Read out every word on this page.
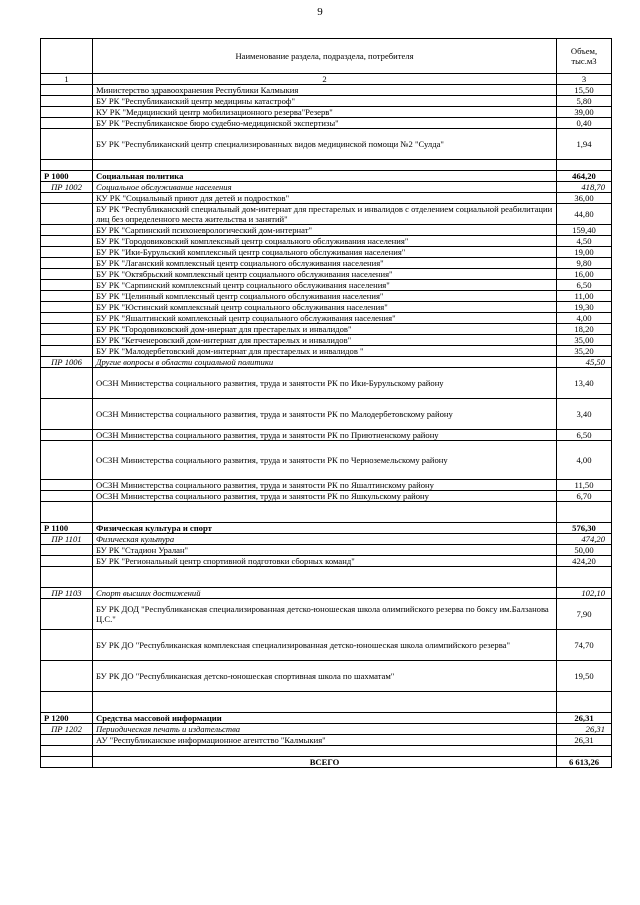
9
	Наименование раздела, подраздела, потребителя	Объем, тыс.м3
1	2	3
	Министерство здравоохранения Республики Калмыкия	15,50
	БУ РК "Республиканский центр медицины катастроф"	5,80
	КУ РК "Медицинский центр мобилизационного резерва"Резерв"	39,00
	БУ РК "Республиканское бюро судебно-медицинской экспертизы"	0,40
	БУ РК "Республиканский центр специализированных видов медицинской помощи №2 "Сулда"	1,94

Р 1000	Социальная политика	464,20
ПР 1002	Социальное обслуживание населения	418,70
	КУ РК "Социальный приют для детей и подростков"	36,00
	БУ РК "Республиканский специальный дом-интернат для престарелых и инвалидов с отделением социальной реабилитации лиц без определенного места жительства и занятий"	44,80
	БУ РК "Сарпинский психоневрологический дом-интернат"	159,40
	БУ РК "Городовиковский комплексный центр социального обслуживания населения"	4,50
	БУ РК "Ики-Бурульский комплексный центр социального обслуживания населения"	19,00
	БУ РК "Лаганский комплексный центр социального обслуживания населения"	9,80
	БУ РК "Октябрьский комплексный центр социального обслуживания населения"	16,00
	БУ РК "Сарпинский комплексный центр социального обслуживания населения"	6,50
	БУ РК "Целинный комплексный центр социального обслуживания населения"	11,00
	БУ РК "Юстинский комплексный центр социального обслуживания населения"	19,30
	БУ РК "Яшалтинский комплексный центр социального обслуживания населения"	4,00
	БУ РК "Городовиковский дом-инернат для престарелых и инвалидов"	18,20
	БУ РК "Кетченеровский дом-интернат для престарелых и инвалидов"	35,00
	БУ РК "Малодербетовский дом-интернат для престарелых и инвалидов "	35,20
ПР 1006	Другие вопросы в области социальной политики	45,50
	ОСЗН Министерства социального развития, труда и занятости РК по Ики-Бурульскому району	13,40
	ОСЗН Министерства социального развития, труда и занятости РК по Малодербетовскому району	3,40
	ОСЗН Министерства социального развития, труда и занятости РК по Приютненскому району	6,50
	ОСЗН Министерства социального развития, труда и занятости РК по Черноземельскому району	4,00
	ОСЗН Министерства социального развития, труда и занятости РК по Яшалтинскому району	11,50
	ОСЗН Министерства социального развития, труда и занятости РК по Яшкульскому району	6,70

Р 1100	Физическая культура и спорт	576,30
ПР 1101	Физическая культура	474,20
	БУ РК "Стадион Уралан"	50,00
	БУ РК "Региональный центр спортивной подготовки сборных команд"	424,20

ПР 1103	Спорт высших достижений	102,10
	БУ РК ДОД "Республиканская специализированная детско-юношеская школа олимпийского резерва по боксу им.Балзанова Ц.С."	7,90
	БУ РК ДО "Республиканская комплексная специализированная детско-юношеская школа олимпийского резерва"	74,70
	БУ РК ДО "Республиканская детско-юношеская спортивная школа по шахматам"	19,50

Р 1200	Средства массовой информации	26,31
ПР 1202	Периодическая печать и издательства	26,31
	АУ "Республиканское информационное агентство "Калмыкия"	26,31

	ВСЕГО	6 613,26
